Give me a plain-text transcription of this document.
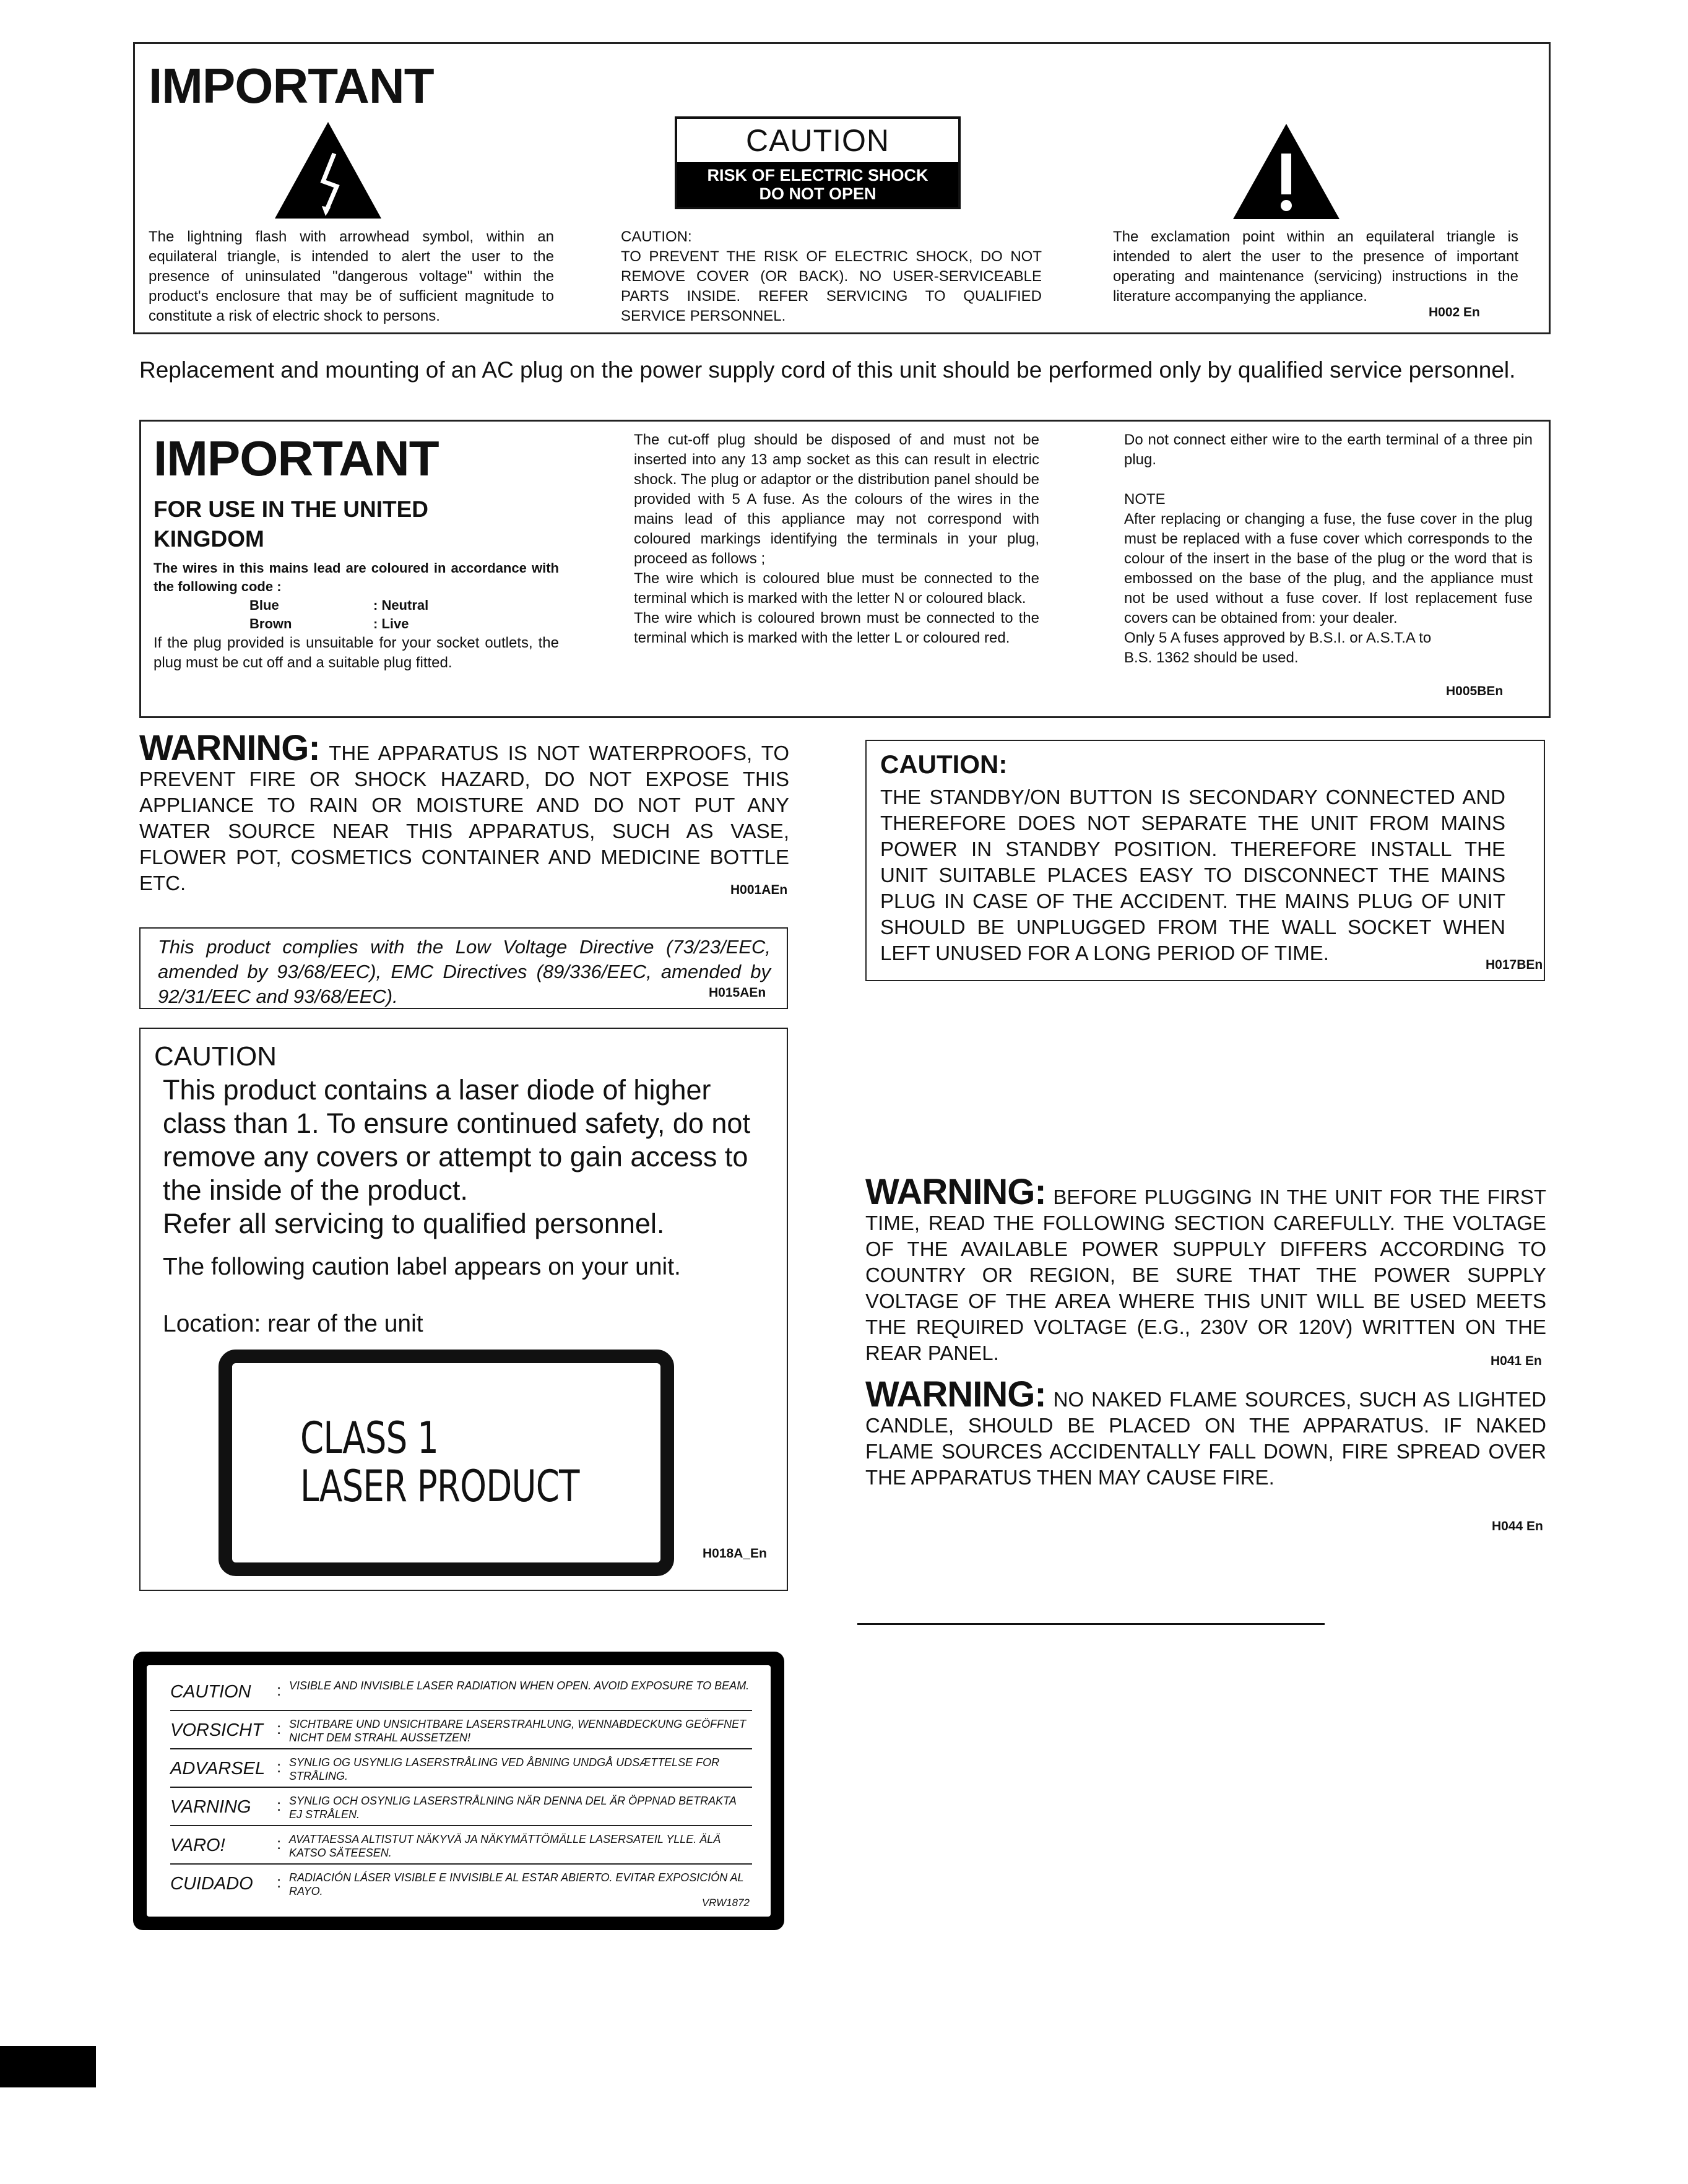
IMPORTANT
CAUTION
RISK OF ELECTRIC SHOCK
DO NOT OPEN
The lightning flash with arrowhead symbol, within an equilateral triangle, is intended to alert the user to the presence of uninsulated "dangerous voltage" within the product's enclosure that may be of sufficient magnitude to constitute a risk of electric shock to persons.
CAUTION:
TO PREVENT THE RISK OF ELECTRIC SHOCK, DO NOT REMOVE COVER (OR BACK). NO USER-SERVICEABLE PARTS INSIDE. REFER SERVICING TO QUALIFIED SERVICE PERSONNEL.
The exclamation point within an equilateral triangle is intended to alert the user to the presence of important operating and maintenance (servicing) instructions in the literature accompanying the appliance.
H002 En
Replacement and mounting of an AC plug on the power supply cord of this unit should be performed only by qualified service personnel.
IMPORTANT
FOR USE IN THE UNITED KINGDOM
The wires in this mains lead are coloured in accordance with the following code :
Blue	: Neutral
Brown	: Live
If the plug provided is unsuitable for your socket outlets, the plug must be cut off and a suitable plug fitted.
The cut-off plug should be disposed of and must not be inserted into any 13 amp socket as this can result in electric shock. The plug or adaptor or the distribution panel should be provided with 5 A fuse. As the colours of the wires in the mains lead of this appliance may not correspond with coloured markings identifying the terminals in your plug, proceed as follows ;
The wire which is coloured blue must be connected to the terminal which is marked with the letter N or coloured black.
The wire which is coloured brown must be connected to the terminal which is marked with the letter L or coloured red.
Do not connect either wire to the earth terminal of a three pin plug.
NOTE
After replacing or changing a fuse, the fuse cover in the plug must be replaced with a fuse cover which corresponds to the colour of the insert in the base of the plug or the word that is embossed on the base of the plug, and the appliance must not be used without a fuse cover. If lost replacement fuse covers can be obtained from: your dealer.
Only 5 A fuses approved by B.S.I. or A.S.T.A to B.S. 1362 should be used.
H005BEn
WARNING: THE APPARATUS IS NOT WATERPROOFS, TO PREVENT FIRE OR SHOCK HAZARD, DO NOT EXPOSE THIS APPLIANCE TO RAIN OR MOISTURE AND DO NOT PUT ANY WATER SOURCE NEAR THIS APPARATUS, SUCH AS VASE, FLOWER POT, COSMETICS CONTAINER AND MEDICINE BOTTLE ETC.	H001AEn
This product complies with the Low Voltage Directive (73/23/EEC, amended by 93/68/EEC), EMC Directives (89/336/EEC, amended by 92/31/EEC and 93/68/EEC).	H015AEn
CAUTION:
THE STANDBY/ON BUTTON IS SECONDARY CONNECTED AND THEREFORE DOES NOT SEPARATE THE UNIT FROM MAINS POWER IN STANDBY POSITION. THEREFORE INSTALL THE UNIT SUITABLE PLACES EASY TO DISCONNECT THE MAINS PLUG IN CASE OF THE ACCIDENT. THE MAINS PLUG OF UNIT SHOULD BE UNPLUGGED FROM THE WALL SOCKET WHEN LEFT UNUSED FOR A LONG PERIOD OF TIME.
H017BEn
CAUTION
This product contains a laser diode of higher class than 1. To ensure continued safety, do not remove any covers or attempt to gain access to the inside of the product.
Refer all servicing to qualified personnel.
The following caution label appears on your unit.
Location: rear of the unit
CLASS 1
LASER PRODUCT
H018A_En
WARNING: BEFORE PLUGGING IN THE UNIT FOR THE FIRST TIME, READ THE FOLLOWING SECTION CAREFULLY. THE VOLTAGE OF THE AVAILABLE POWER SUPPULY DIFFERS ACCORDING TO COUNTRY OR REGION, BE SURE THAT THE POWER SUPPLY VOLTAGE OF THE AREA WHERE THIS UNIT WILL BE USED MEETS THE REQUIRED VOLTAGE (E.G., 230V OR 120V) WRITTEN ON THE REAR PANEL.	H041 En
WARNING: NO NAKED FLAME SOURCES, SUCH AS LIGHTED CANDLE, SHOULD BE PLACED ON THE APPARATUS. IF NAKED FLAME SOURCES ACCIDENTALLY FALL DOWN, FIRE SPREAD OVER THE APPARATUS THEN MAY CAUSE FIRE.
H044 En
CAUTION	: VISIBLE AND INVISIBLE LASER RADIATION WHEN OPEN. AVOID EXPOSURE TO BEAM.
VORSICHT : SICHTBARE UND UNSICHTBARE LASERSTRAHLUNG, WENNABDECKUNG GEÖFFNET NICHT DEM STRAHL AUSSETZEN!
ADVARSEL : SYNLIG OG USYNLIG LASERSTRÅLING VED ÅBNING UNDGÅ UDSÆTTELSE FOR STRÅLING.
VARNING	: SYNLIG OCH OSYNLIG LASERSTRÅLNING NÄR DENNA DEL ÄR ÖPPNAD BETRAKTA EJ STRÅLEN.
VARO!	: AVATTAESSA ALTISTUT NÄKYVÄ JA NÄKYMÄTTÖMÄLLE LASERSATEIL YLLE. ÄLÄ KATSO SÄTEESEN.
CUIDADO	: RADIACIÓN LÁSER VISIBLE E INVISIBLE AL ESTAR ABIERTO. EVITAR EXPOSICIÓN AL RAYO.
VRW1872
